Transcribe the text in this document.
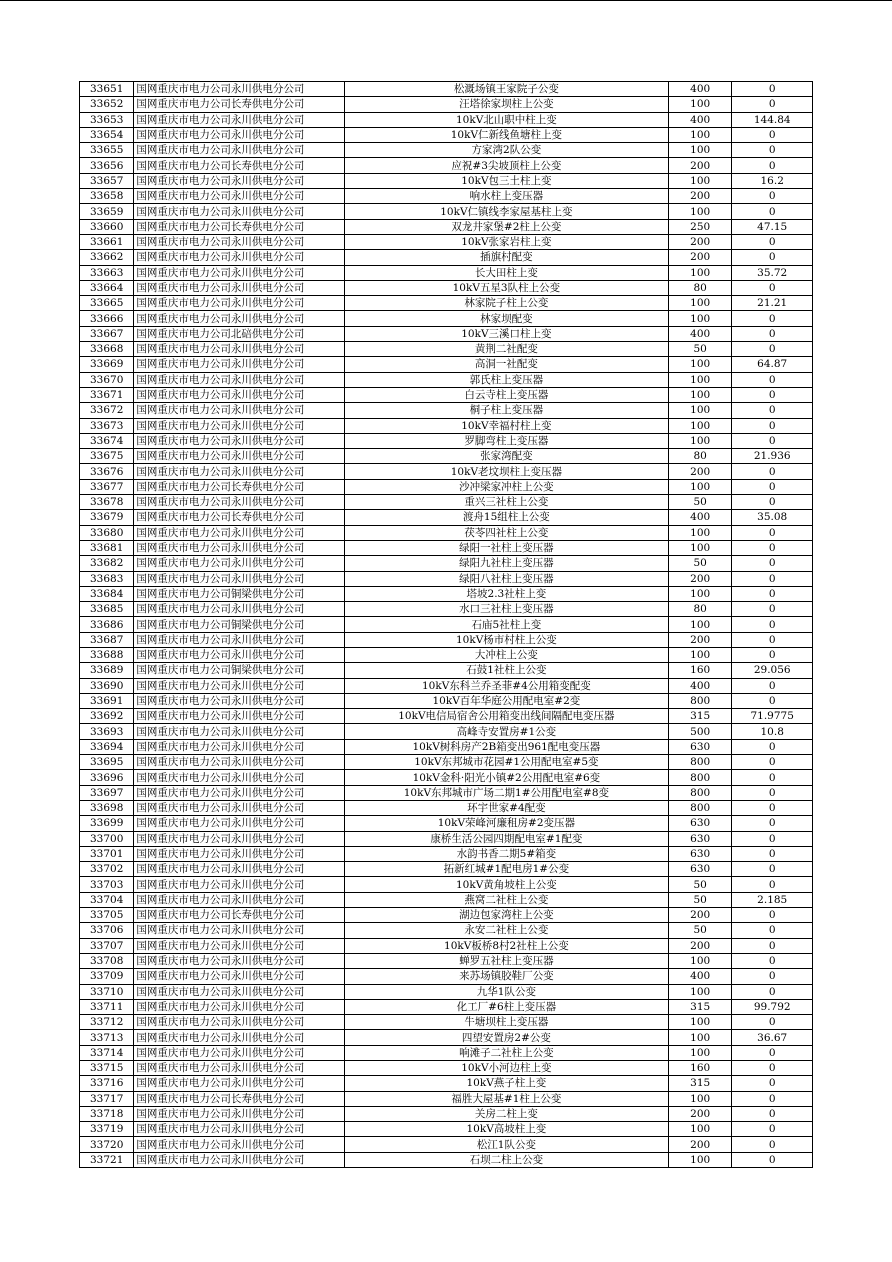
33651	国网重庆市电力公司永川供电分公司	松溉场镇王家院子公变	400	0
33652	国网重庆市电力公司长寿供电分公司	汪塔徐家坝柱上公变	100	0
33653	国网重庆市电力公司永川供电分公司	10kV北山职中柱上变	400	144.84
33654	国网重庆市电力公司永川供电分公司	10kV仁新线鱼塘柱上变	100	0
33655	国网重庆市电力公司永川供电分公司	方家湾2队公变	100	0
33656	国网重庆市电力公司长寿供电分公司	应祝#3尖坡顶柱上公变	200	0
33657	国网重庆市电力公司永川供电分公司	10kV包三土柱上变	100	16.2
33658	国网重庆市电力公司永川供电分公司	响水柱上变压器	200	0
33659	国网重庆市电力公司永川供电分公司	10kV仁镇线李家屋基柱上变	100	0
33660	国网重庆市电力公司长寿供电分公司	双龙井家堡#2柱上公变	250	47.15
33661	国网重庆市电力公司永川供电分公司	10kV张家岩柱上变	200	0
33662	国网重庆市电力公司永川供电分公司	插旗村配变	200	0
33663	国网重庆市电力公司永川供电分公司	长大田柱上变	100	35.72
33664	国网重庆市电力公司永川供电分公司	10kV五星3队柱上公变	80	0
33665	国网重庆市电力公司永川供电分公司	林家院子柱上公变	100	21.21
33666	国网重庆市电力公司永川供电分公司	林家坝配变	100	0
33667	国网重庆市电力公司北碚供电分公司	10kV三溪口柱上变	400	0
33668	国网重庆市电力公司永川供电分公司	黄荆二社配变	50	0
33669	国网重庆市电力公司永川供电分公司	高洞一社配变	100	64.87
33670	国网重庆市电力公司永川供电分公司	郭氏柱上变压器	100	0
33671	国网重庆市电力公司永川供电分公司	白云寺柱上变压器	100	0
33672	国网重庆市电力公司永川供电分公司	桐子柱上变压器	100	0
33673	国网重庆市电力公司永川供电分公司	10kV幸福村柱上变	100	0
33674	国网重庆市电力公司永川供电分公司	罗脚弯柱上变压器	100	0
33675	国网重庆市电力公司永川供电分公司	张家湾配变	80	21.936
33676	国网重庆市电力公司永川供电分公司	10kV老坟坝柱上变压器	200	0
33677	国网重庆市电力公司长寿供电分公司	沙冲梁家冲柱上公变	100	0
33678	国网重庆市电力公司永川供电分公司	重兴三社柱上公变	50	0
33679	国网重庆市电力公司长寿供电分公司	渡舟15组柱上公变	400	35.08
33680	国网重庆市电力公司永川供电分公司	茯苓四社柱上公变	100	0
33681	国网重庆市电力公司永川供电分公司	绿阳一社柱上变压器	100	0
33682	国网重庆市电力公司永川供电分公司	绿阳九社柱上变压器	50	0
33683	国网重庆市电力公司永川供电分公司	绿阳八社柱上变压器	200	0
33684	国网重庆市电力公司铜梁供电分公司	塔坡2.3社柱上变	100	0
33685	国网重庆市电力公司永川供电分公司	水口三社柱上变压器	80	0
33686	国网重庆市电力公司铜梁供电分公司	石庙5社柱上变	100	0
33687	国网重庆市电力公司永川供电分公司	10kV杨市村柱上公变	200	0
33688	国网重庆市电力公司永川供电分公司	大冲柱上公变	100	0
33689	国网重庆市电力公司铜梁供电分公司	石鼓1社柱上公变	160	29.056
33690	国网重庆市电力公司永川供电分公司	10kV东科兰乔圣菲#4公用箱变配变	400	0
33691	国网重庆市电力公司永川供电分公司	10kV百年华庭公用配电室#2变	800	0
33692	国网重庆市电力公司永川供电分公司	10kV电信局宿舍公用箱变出线间隔配电变压器	315	71.9775
33693	国网重庆市电力公司永川供电分公司	高峰寺安置房#1公变	500	10.8
33694	国网重庆市电力公司永川供电分公司	10kV树科房产2B箱变出961配电变压器	630	0
33695	国网重庆市电力公司永川供电分公司	10kV东邦城市花园#1公用配电室#5变	800	0
33696	国网重庆市电力公司永川供电分公司	10kV金科·阳光小镇#2公用配电室#6变	800	0
33697	国网重庆市电力公司永川供电分公司	10kV东邦城市广场二期1#公用配电室#8变	800	0
33698	国网重庆市电力公司永川供电分公司	环宇世家#4配变	800	0
33699	国网重庆市电力公司永川供电分公司	10kV荣峰河廉租房#2变压器	630	0
33700	国网重庆市电力公司永川供电分公司	康桥生活公园四期配电室#1配变	630	0
33701	国网重庆市电力公司永川供电分公司	水韵书香二期5#箱变	630	0
33702	国网重庆市电力公司永川供电分公司	拓新红城#1配电房1#公变	630	0
33703	国网重庆市电力公司永川供电分公司	10kV黄角坡柱上公变	50	0
33704	国网重庆市电力公司永川供电分公司	燕窝二社柱上公变	50	2.185
33705	国网重庆市电力公司长寿供电分公司	湖边包家湾柱上公变	200	0
33706	国网重庆市电力公司永川供电分公司	永安二社柱上公变	50	0
33707	国网重庆市电力公司永川供电分公司	10kV板桥8村2社柱上公变	200	0
33708	国网重庆市电力公司永川供电分公司	蝉罗五社柱上变压器	100	0
33709	国网重庆市电力公司永川供电分公司	来苏场镇胶鞋厂公变	400	0
33710	国网重庆市电力公司永川供电分公司	九华1队公变	100	0
33711	国网重庆市电力公司永川供电分公司	化工厂#6柱上变压器	315	99.792
33712	国网重庆市电力公司永川供电分公司	牛塘坝柱上变压器	100	0
33713	国网重庆市电力公司永川供电分公司	四望安置房2#公变	100	36.67
33714	国网重庆市电力公司永川供电分公司	响滩子二社柱上公变	100	0
33715	国网重庆市电力公司永川供电分公司	10kV小河边柱上变	160	0
33716	国网重庆市电力公司永川供电分公司	10kV燕子柱上变	315	0
33717	国网重庆市电力公司长寿供电分公司	福胜大屋基#1柱上公变	100	0
33718	国网重庆市电力公司永川供电分公司	关房二柱上变	200	0
33719	国网重庆市电力公司永川供电分公司	10kV高坡柱上变	100	0
33720	国网重庆市电力公司永川供电分公司	松江1队公变	200	0
33721	国网重庆市电力公司永川供电分公司	石坝二柱上公变	100	0
